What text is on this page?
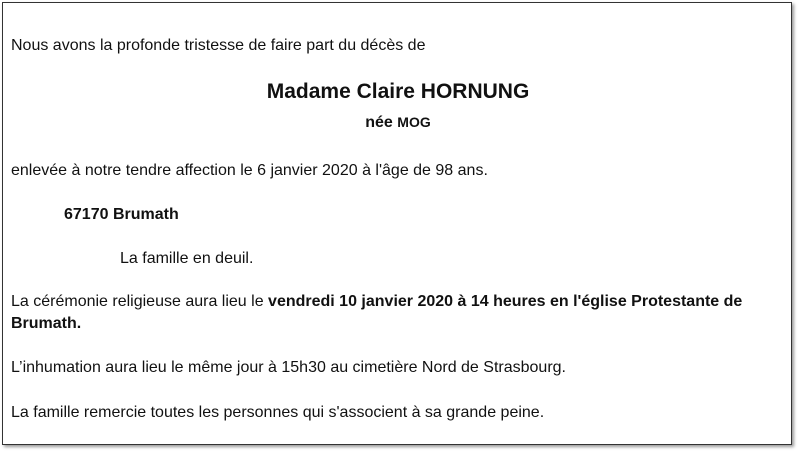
Nous avons la profonde tristesse de faire part du décès de

Madame Claire HORNUNG

née MOG

enlevée à notre tendre affection le 6 janvier 2020 à l'âge de 98 ans.

67170 Brumath

La famille en deuil.

La cérémonie religieuse aura lieu le vendredi 10 janvier 2020 à 14 heures en l'église Protestante de Brumath.

L’inhumation aura lieu le même jour à 15h30 au cimetière Nord de Strasbourg.

La famille remercie toutes les personnes qui s'associent à sa grande peine.
